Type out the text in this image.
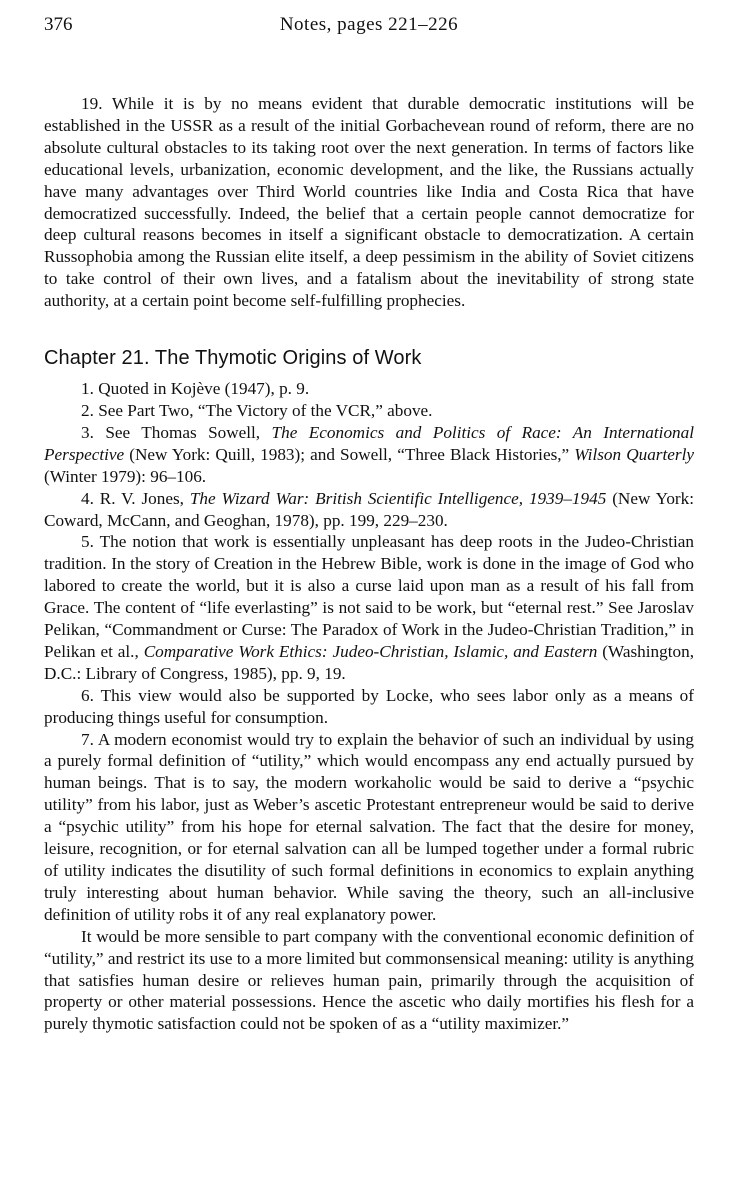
376	Notes, pages 221–226

19. While it is by no means evident that durable democratic institutions will be established in the USSR as a result of the initial Gorbachevean round of reform, there are no absolute cultural obstacles to its taking root over the next generation. In terms of factors like educational levels, urbanization, economic development, and the like, the Russians actually have many advantages over Third World countries like India and Costa Rica that have democratized successfully. Indeed, the belief that a certain people cannot democratize for deep cultural reasons becomes in itself a significant obstacle to democratization. A certain Russophobia among the Russian elite itself, a deep pessimism in the ability of Soviet citizens to take control of their own lives, and a fatalism about the inevitability of strong state authority, at a certain point become self-fulfilling prophecies.

Chapter 21. The Thymotic Origins of Work

1. Quoted in Kojève (1947), p. 9.

2. See Part Two, “The Victory of the VCR,” above.

3. See Thomas Sowell, The Economics and Politics of Race: An International Perspective (New York: Quill, 1983); and Sowell, “Three Black Histories,” Wilson Quarterly (Winter 1979): 96–106.

4. R. V. Jones, The Wizard War: British Scientific Intelligence, 1939–1945 (New York: Coward, McCann, and Geoghan, 1978), pp. 199, 229–230.

5. The notion that work is essentially unpleasant has deep roots in the Judeo-Christian tradition. In the story of Creation in the Hebrew Bible, work is done in the image of God who labored to create the world, but it is also a curse laid upon man as a result of his fall from Grace. The content of “life everlasting” is not said to be work, but “eternal rest.” See Jaroslav Pelikan, “Commandment or Curse: The Paradox of Work in the Judeo-Christian Tradition,” in Pelikan et al., Comparative Work Ethics: Judeo-Christian, Islamic, and Eastern (Washington, D.C.: Library of Congress, 1985), pp. 9, 19.

6. This view would also be supported by Locke, who sees labor only as a means of producing things useful for consumption.

7. A modern economist would try to explain the behavior of such an individual by using a purely formal definition of “utility,” which would encompass any end actually pursued by human beings. That is to say, the modern workaholic would be said to derive a “psychic utility” from his labor, just as Weber’s ascetic Protestant entrepreneur would be said to derive a “psychic utility” from his hope for eternal salvation. The fact that the desire for money, leisure, recognition, or for eternal salvation can all be lumped together under a formal rubric of utility indicates the disutility of such formal definitions in economics to explain anything truly interesting about human behavior. While saving the theory, such an all-inclusive definition of utility robs it of any real explanatory power.

It would be more sensible to part company with the conventional economic definition of “utility,” and restrict its use to a more limited but commonsensical meaning: utility is anything that satisfies human desire or relieves human pain, primarily through the acquisition of property or other material possessions. Hence the ascetic who daily mortifies his flesh for a purely thymotic satisfaction could not be spoken of as a “utility maximizer.”
